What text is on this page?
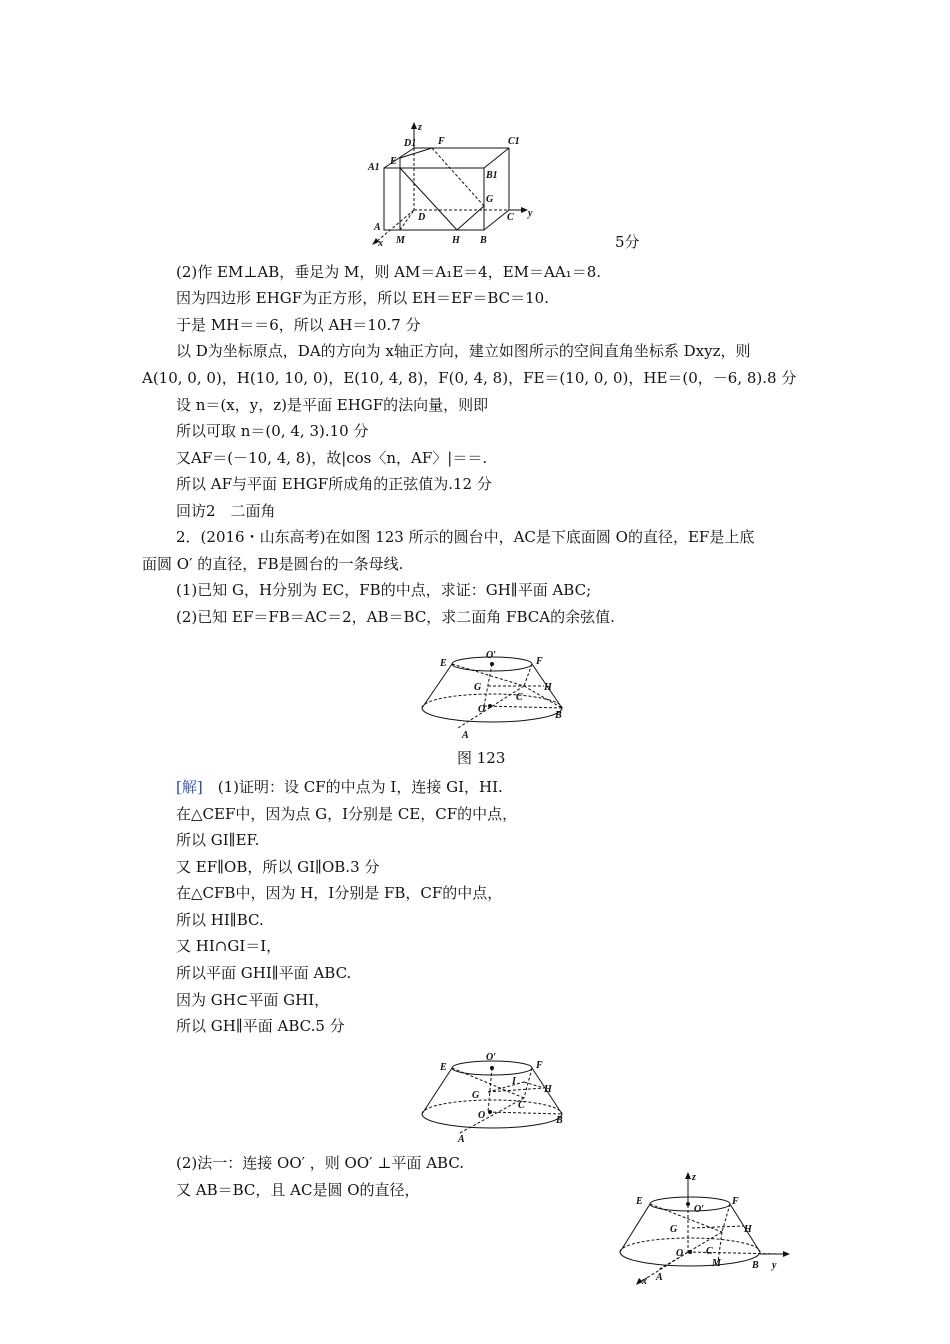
z
D1 F	C1
A1
E
B1
G
D	C y
A
M	H B
x	5分
(2)作 EM⊥AB，垂足为 M，则 AM＝A₁E＝4，EM＝AA₁＝8.
因为四边形 EHGF为正方形，所以 EH＝EF＝BC＝10.
于是 MH＝＝6，所以 AH＝10.7 分
以 D为坐标原点，DA的方向为 x轴正方向，建立如图所示的空间直角坐标系 Dxyz，则
A(10, 0, 0)，H(10, 10, 0)，E(10, 4, 8)，F(0, 4, 8)，FE＝(10, 0, 0)，HE＝(0，－6, 8).8 分
设 n＝(x，y，z)是平面 EHGF的法向量，则即
所以可取 n＝(0, 4, 3).10 分
又AF＝(－10, 4, 8)，故|cos〈n，AF〉|＝＝.
所以 AF与平面 EHGF所成角的正弦值为.12 分
回访2　二面角
2．(2016・山东高考)在如图 123 所示的圆台中，AC是下底面圆 O的直径，EF是上底
面圆 O′ 的直径，FB是圆台的一条母线.
(1)已知 G，H分别为 EC，FB的中点，求证：GH∥平面 ABC;
(2)已知 EF＝FB＝AC＝2，AB＝BC，求二面角 FBCA的余弦值.
E
O′
F
G	H
C
O
B
A
图 123
[解]　 (1)证明：设 CF的中点为 I，连接 GI，HI.
在△CEF中，因为点 G，I分别是 CE，CF的中点，
所以 GI∥EF.
又 EF∥OB，所以 GI∥OB.3 分
在△CFB中，因为 H，I分别是 FB，CF的中点，
所以 HI∥BC.
又 HI∩GI＝I，
所以平面 GHI∥平面 ABC.
因为 GH⊂平面 GHI，
所以 GH∥平面 ABC.5 分
O′
E	F
G
I
H
C
O	B
A
(2)法一：连接 OO′ ，则 OO′ ⊥平面 ABC.
又 AB＝BC，且 AC是圆 O的直径，
z
E
O′
F
G	H
O C
M	B y
x A
